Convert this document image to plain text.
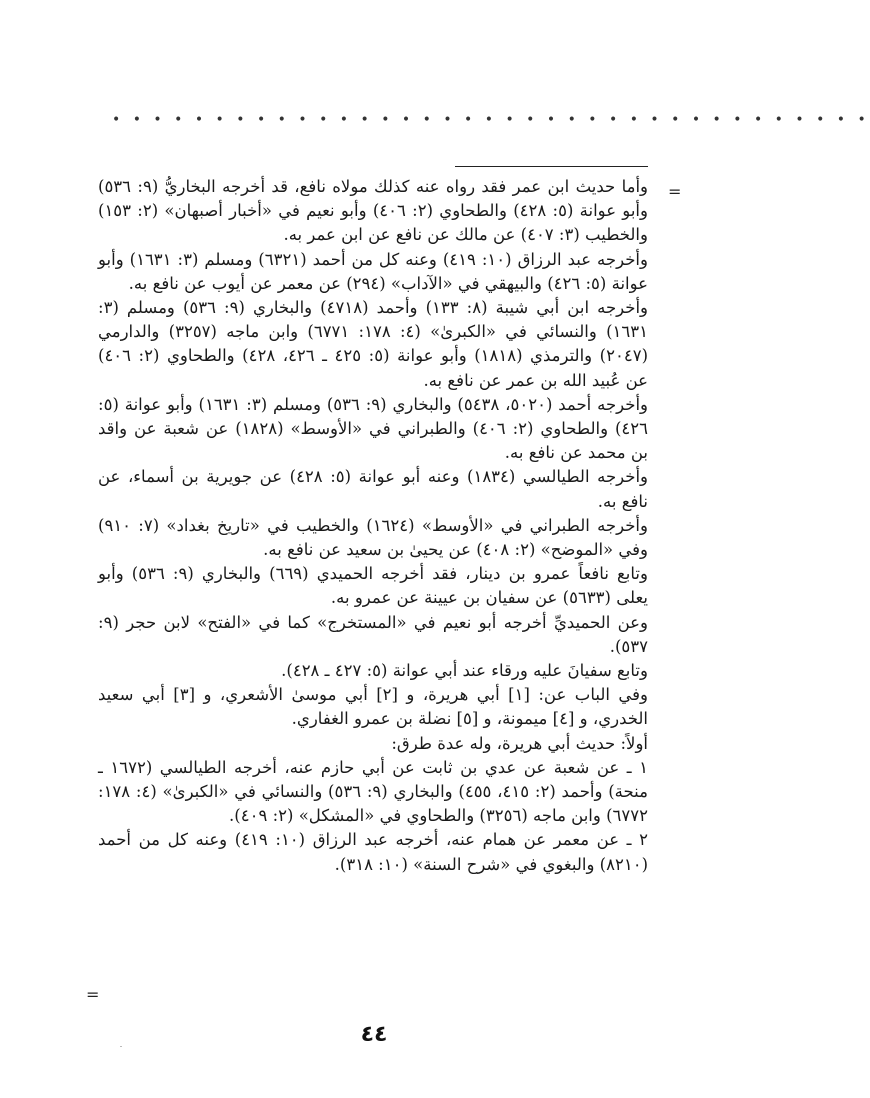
• • • • • • • • • • • • • • • • • • • • • • • • • • • • • • • • • • • • •
=

وأما حديث ابن عمر فقد رواه عنه كذلك مولاه نافع، قد أخرجه البخاريُّ (٩: ٥٣٦) وأبو عوانة (٥: ٤٢٨) والطحاوي (٢: ٤٠٦) وأبو نعيم في «أخبار أصبهان» (٢: ١٥٣) والخطيب (٣: ٤٠٧) عن مالك عن نافع عن ابن عمر به.

وأخرجه عبد الرزاق (١٠: ٤١٩) وعنه كل من أحمد (٦٣٢١) ومسلم (٣: ١٦٣١) وأبو عوانة (٥: ٤٢٦) والبيهقي في «الآداب» (٢٩٤) عن معمر عن أيوب عن نافع به.

وأخرجه ابن أبي شيبة (٨: ١٣٣) وأحمد (٤٧١٨) والبخاري (٩: ٥٣٦) ومسلم (٣: ١٦٣١) والنسائي في «الكبرىٰ» (٤: ١٧٨: ٦٧٧١) وابن ماجه (٣٢٥٧) والدارمي (٢٠٤٧) والترمذي (١٨١٨) وأبو عوانة (٥: ٤٢٥ ـ ٤٢٦، ٤٢٨) والطحاوي (٢: ٤٠٦) عن عُبيد الله بن عمر عن نافع به.

وأخرجه أحمد (٥٠٢٠، ٥٤٣٨) والبخاري (٩: ٥٣٦) ومسلم (٣: ١٦٣١) وأبو عوانة (٥: ٤٢٦) والطحاوي (٢: ٤٠٦) والطبراني في «الأوسط» (١٨٢٨) عن شعبة عن واقد بن محمد عن نافع به.

وأخرجه الطيالسي (١٨٣٤) وعنه أبو عوانة (٥: ٤٢٨) عن جويرية بن أسماء، عن نافع به.

وأخرجه الطبراني في «الأوسط» (١٦٢٤) والخطيب في «تاريخ بغداد» (٧: ٩١٠) وفي «الموضح» (٢: ٤٠٨) عن يحيىٰ بن سعيد عن نافع به.

وتابع نافعاً عمرو بن دينار، فقد أخرجه الحميدي (٦٦٩) والبخاري (٩: ٥٣٦) وأبو يعلى (٥٦٣٣) عن سفيان بن عيينة عن عمرو به.

وعن الحميديِّ أخرجه أبو نعيم في «المستخرج» كما في «الفتح» لابن حجر (٩: ٥٣٧).

وتابع سفيانَ عليه ورقاء عند أبي عوانة (٥: ٤٢٧ ـ ٤٢٨).

وفي الباب عن: [١] أبي هريرة، و [٢] أبي موسىٰ الأشعري، و [٣] أبي سعيد الخدري، و [٤] ميمونة، و [٥] نضلة بن عمرو الغفاري.

أولاً: حديث أبي هريرة، وله عدة طرق:

١ ـ عن شعبة عن عدي بن ثابت عن أبي حازم عنه، أخرجه الطيالسي (١٦٧٢ ـ منحة) وأحمد (٢: ٤١٥، ٤٥٥) والبخاري (٩: ٥٣٦) والنسائي في «الكبرىٰ» (٤: ١٧٨: ٦٧٧٢) وابن ماجه (٣٢٥٦) والطحاوي في «المشكل» (٢: ٤٠٩).

٢ ـ عن معمر عن همام عنه، أخرجه عبد الرزاق (١٠: ٤١٩) وعنه كل من أحمد (٨٢١٠) والبغوي في «شرح السنة» (١٠: ٣١٨).

=
٤٤
